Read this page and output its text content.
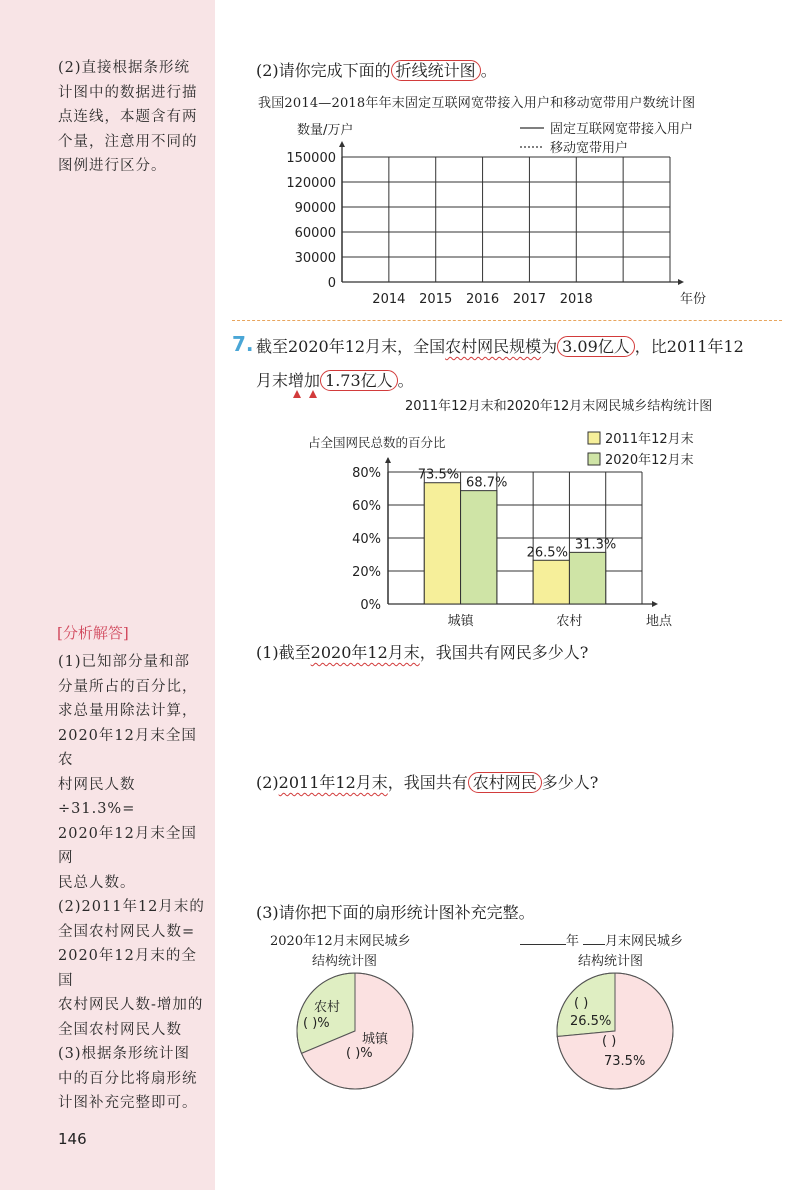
(2)直接根据条形统

计图中的数据进行描

点连线，本题含有两

个量，注意用不同的

图例进行区分。

[分析解答]

(1)已知部分量和部

分量所占的百分比，

求总量用除法计算，

2020年12月末全国农

村网民人数÷31.3%=

2020年12月末全国网

民总人数。

(2)2011年12月末的

全国农村网民人数=

2020年12月末的全国

农村网民人数-增加的

全国农村网民人数

(3)根据条形统计图

中的百分比将扇形统

计图补充完整即可。

146
(2)请你完成下面的 折线统计图 。
我国2014—2018年年末固定互联网宽带接入用户和移动宽带用户数统计图
0
30000
60000
90000
120000
150000
2014 2015 2016 2017 2018	年份
数量/万户	固定互联网宽带接入用户
移动宽带用户
7. 截至2020年12月末，全国农村网民规模为 3.09亿人 ，比2011年12
月末增加 1.73亿人 。
2011年12月末和2020年12月末网民城乡结构统计图
占全国网民总数的百分比
0%
20%
40%
60%
80%	73.5%
68.7%
城镇
26.5%
31.3%
农村	地点
2011年12月末
2020年12月末
(1)截至2020年12月末，我国共有网民多少人?
(2)2011年12月末，我国共有 农村网民 多少人?
(3)请你把下面的扇形统计图补充完整。
2020年12月末网民城乡
结构统计图
年 月末网民城乡
结构统计图
农村
( )%
城镇
( )%
( )
26.5%
( )
73.5%
